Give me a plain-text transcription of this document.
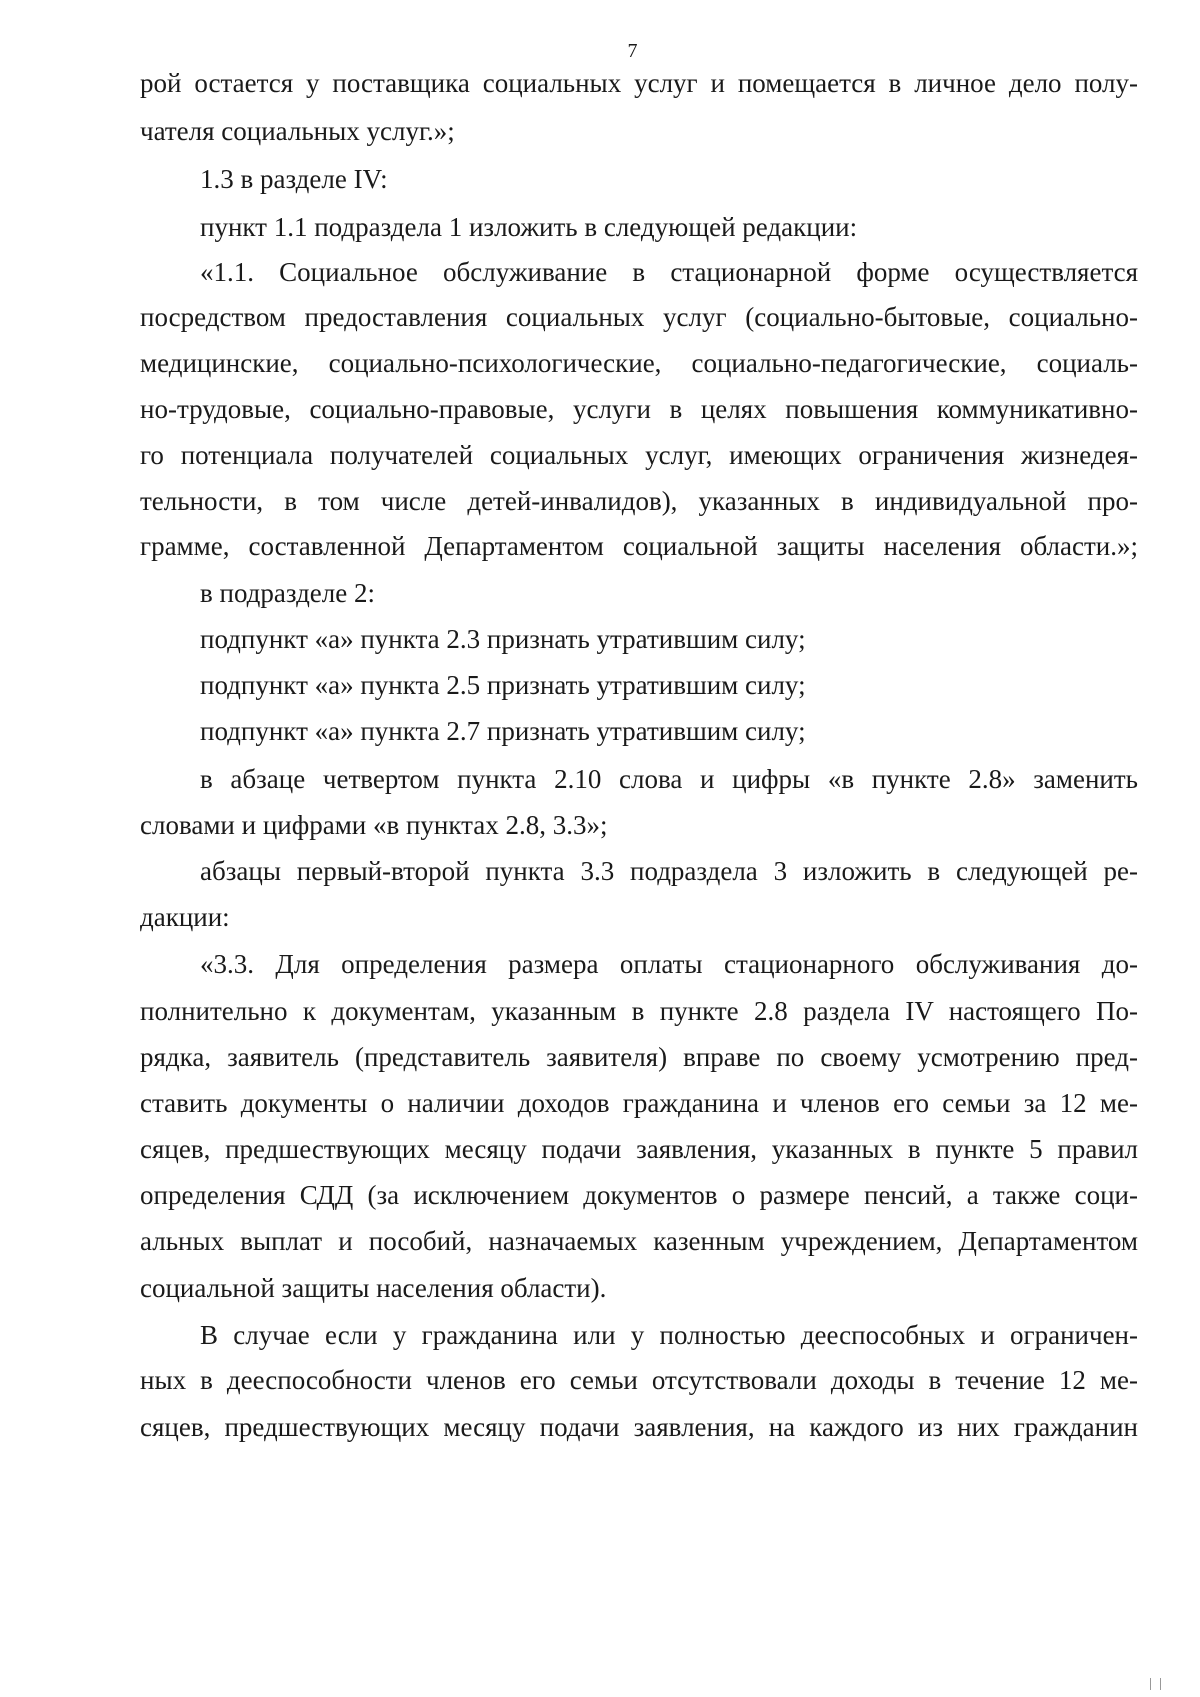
7
рой остается у поставщика социальных услуг и помещается в личное дело полу-
чателя социальных услуг.»;
1.3 в разделе IV:
пункт 1.1 подраздела 1 изложить в следующей редакции:
«1.1. Социальное обслуживание в стационарной форме осуществляется
посредством предоставления социальных услуг (социально-бытовые, социально-
медицинские, социально-психологические, социально-педагогические, социаль-
но-трудовые, социально-правовые, услуги в целях повышения коммуникативно-
го потенциала получателей социальных услуг, имеющих ограничения жизнедея-
тельности, в том числе детей-инвалидов), указанных в индивидуальной про-
грамме, составленной Департаментом социальной защиты населения области.»;
в подразделе 2:
подпункт «а» пункта 2.3 признать утратившим силу;
подпункт «а» пункта 2.5 признать утратившим силу;
подпункт «а» пункта 2.7 признать утратившим силу;
в абзаце четвертом пункта 2.10 слова и цифры «в пункте 2.8» заменить
словами и цифрами «в пунктах 2.8, 3.3»;
абзацы первый-второй пункта 3.3 подраздела 3 изложить в следующей ре-
дакции:
«3.3. Для определения размера оплаты стационарного обслуживания до-
полнительно к документам, указанным в пункте 2.8 раздела IV настоящего По-
рядка, заявитель (представитель заявителя) вправе по своему усмотрению пред-
ставить документы о наличии доходов гражданина и членов его семьи за 12 ме-
сяцев, предшествующих месяцу подачи заявления, указанных в пункте 5 правил
определения СДД (за исключением документов о размере пенсий, а также соци-
альных выплат и пособий, назначаемых казенным учреждением, Департаментом
социальной защиты населения области).
В случае если у гражданина или у полностью дееспособных и ограничен-
ных в дееспособности членов его семьи отсутствовали доходы в течение 12 ме-
сяцев, предшествующих месяцу подачи заявления, на каждого из них гражданин
